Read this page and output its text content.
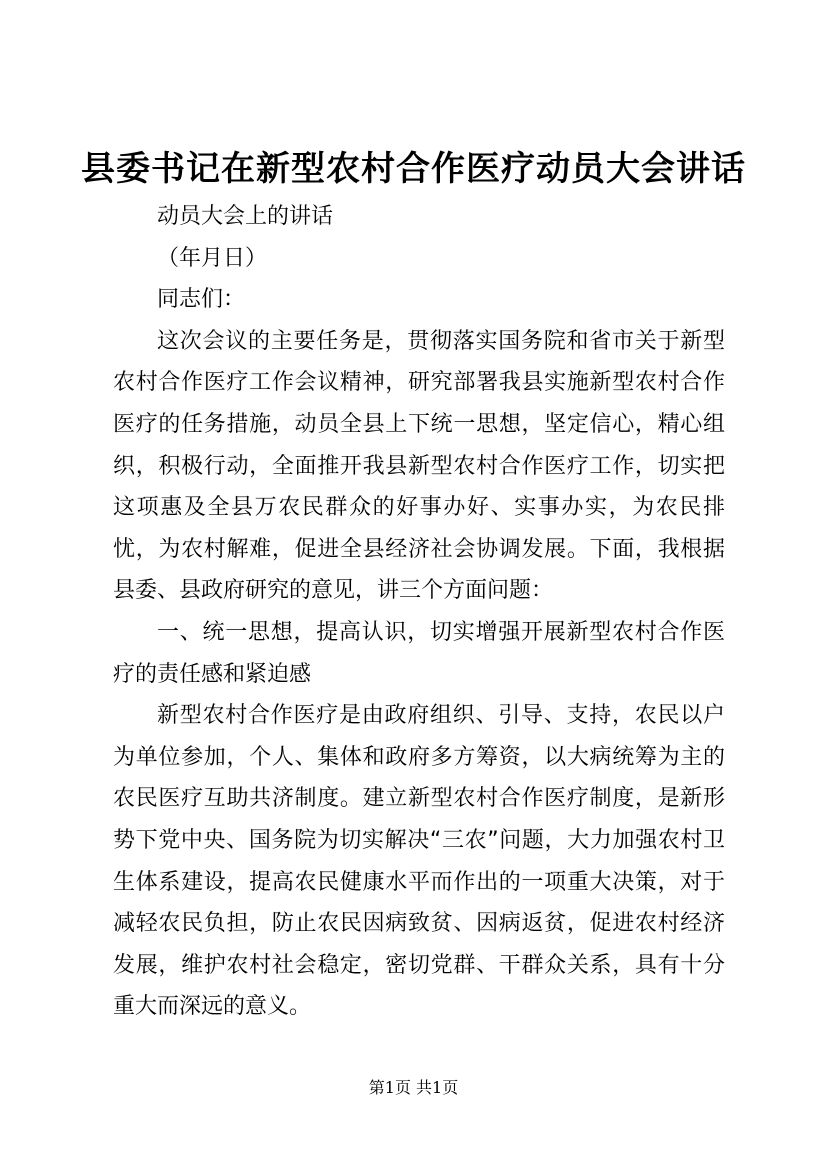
县委书记在新型农村合作医疗动员大会讲话

动员大会上的讲话

（年月日）

同志们：

这次会议的主要任务是，贯彻落实国务院和省市关于新型农村合作医疗工作会议精神，研究部署我县实施新型农村合作医疗的任务措施，动员全县上下统一思想，坚定信心，精心组织，积极行动，全面推开我县新型农村合作医疗工作，切实把这项惠及全县万农民群众的好事办好、实事办实，为农民排忧，为农村解难，促进全县经济社会协调发展。下面，我根据县委、县政府研究的意见，讲三个方面问题：

一、统一思想，提高认识，切实增强开展新型农村合作医疗的责任感和紧迫感

新型农村合作医疗是由政府组织、引导、支持，农民以户为单位参加，个人、集体和政府多方筹资，以大病统筹为主的农民医疗互助共济制度。建立新型农村合作医疗制度，是新形势下党中央、国务院为切实解决“三农”问题，大力加强农村卫生体系建设，提高农民健康水平而作出的一项重大决策，对于减轻农民负担，防止农民因病致贫、因病返贫，促进农村经济发展，维护农村社会稳定，密切党群、干群众关系，具有十分重大而深远的意义。

第1页 共1页
